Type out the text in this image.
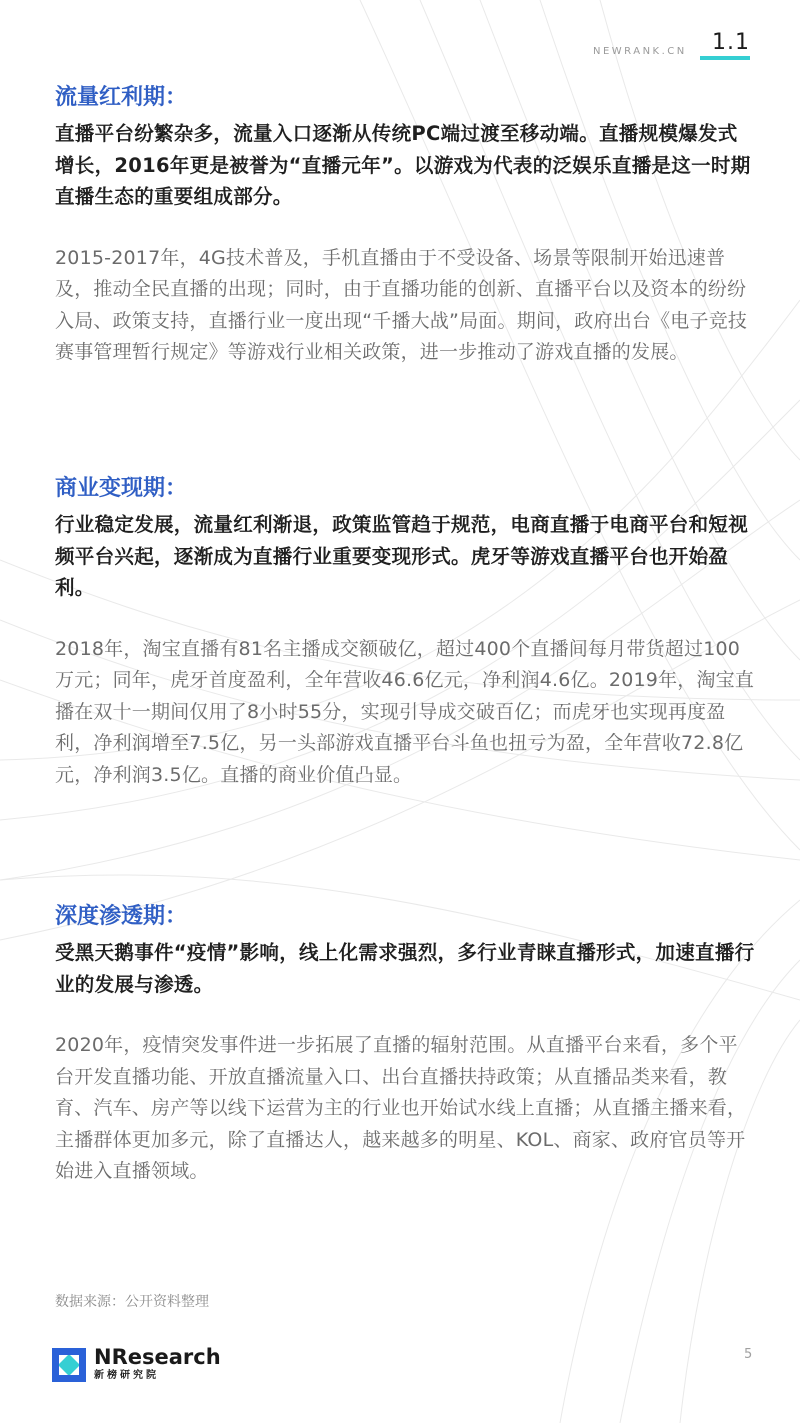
NEWRANK.CN 1.1

流量红利期：

直播平台纷繁杂多，流量入口逐渐从传统PC端过渡至移动端。直播规模爆发式增长，2016年更是被誉为“直播元年”。以游戏为代表的泛娱乐直播是这一时期直播生态的重要组成部分。

2015-2017年，4G技术普及，手机直播由于不受设备、场景等限制开始迅速普及，推动全民直播的出现；同时，由于直播功能的创新、直播平台以及资本的纷纷入局、政策支持，直播行业一度出现“千播大战”局面。期间，政府出台《电子竞技赛事管理暂行规定》等游戏行业相关政策，进一步推动了游戏直播的发展。

商业变现期：

行业稳定发展，流量红利渐退，政策监管趋于规范，电商直播于电商平台和短视频平台兴起，逐渐成为直播行业重要变现形式。虎牙等游戏直播平台也开始盈利。

2018年，淘宝直播有81名主播成交额破亿，超过400个直播间每月带货超过100万元；同年，虎牙首度盈利，全年营收46.6亿元，净利润4.6亿。2019年，淘宝直播在双十一期间仅用了8小时55分，实现引导成交破百亿；而虎牙也实现再度盈利，净利润增至7.5亿，另一头部游戏直播平台斗鱼也扭亏为盈，全年营收72.8亿元，净利润3.5亿。直播的商业价值凸显。

深度渗透期：

受黑天鹅事件“疫情”影响，线上化需求强烈，多行业青睐直播形式，加速直播行业的发展与渗透。

2020年，疫情突发事件进一步拓展了直播的辐射范围。从直播平台来看，多个平台开发直播功能、开放直播流量入口、出台直播扶持政策；从直播品类来看，教育、汽车、房产等以线下运营为主的行业也开始试水线上直播；从直播主播来看，主播群体更加多元，除了直播达人，越来越多的明星、KOL、商家、政府官员等开始进入直播领域。

数据来源：公开资料整理
NResearch
新榜研究院
5
